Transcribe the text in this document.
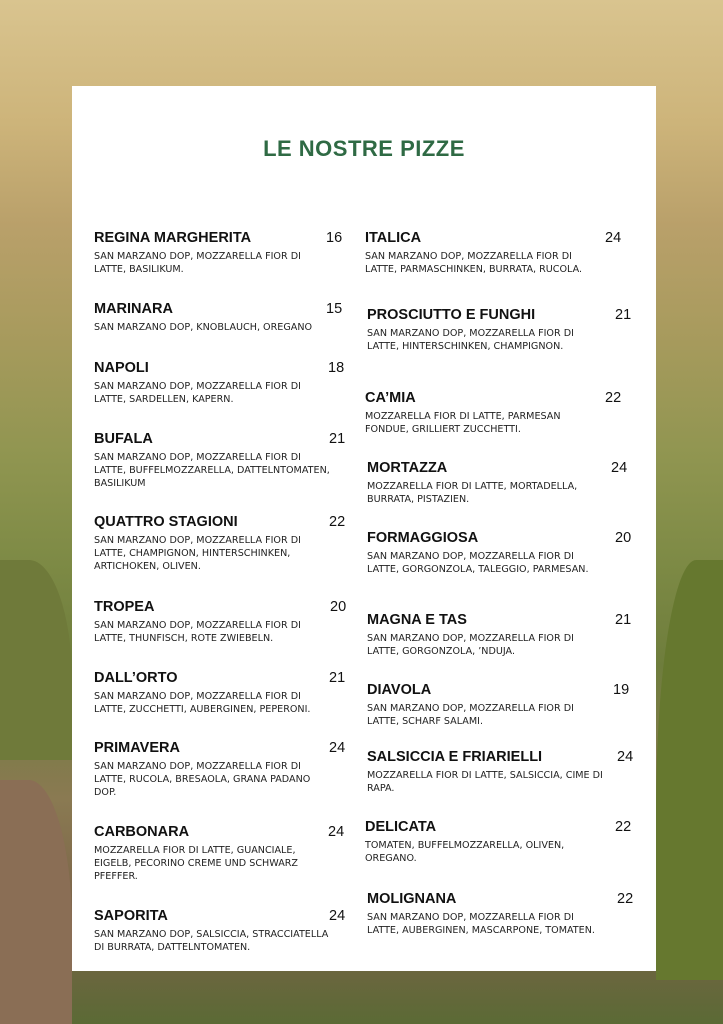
LE NOSTRE PIZZE
REGINA MARGHERITA	16
SAN MARZANO DOP, MOZZARELLA FIOR DI LATTE, BASILIKUM.
MARINARA	15
SAN MARZANO DOP, KNOBLAUCH, OREGANO
NAPOLI	18
SAN MARZANO DOP, MOZZARELLA FIOR DI LATTE, SARDELLEN, KAPERN.
BUFALA	21
SAN MARZANO DOP, MOZZARELLA FIOR DI LATTE, BUFFELMOZZARELLA, DATTELNTOMATEN, BASILIKUM
QUATTRO STAGIONI	22
SAN MARZANO DOP, MOZZARELLA FIOR DI LATTE, CHAMPIGNON, HINTERSCHINKEN, ARTICHOKEN, OLIVEN.
TROPEA	20
SAN MARZANO DOP, MOZZARELLA FIOR DI LATTE, THUNFISCH, ROTE ZWIEBELN.
DALL’ORTO	21
SAN MARZANO DOP, MOZZARELLA FIOR DI LATTE, ZUCCHETTI, AUBERGINEN, PEPERONI.
PRIMAVERA	24
SAN MARZANO DOP, MOZZARELLA FIOR DI LATTE, RUCOLA, BRESAOLA, GRANA PADANO DOP.
CARBONARA	24
MOZZARELLA FIOR DI LATTE, GUANCIALE, EIGELB, PECORINO CREME UND SCHWARZ PFEFFER.
SAPORITA	24
SAN MARZANO DOP, SALSICCIA, STRACCIATELLA DI BURRATA, DATTELNTOMATEN.
ITALICA	24
SAN MARZANO DOP, MOZZARELLA FIOR DI LATTE, PARMASCHINKEN, BURRATA, RUCOLA.
PROSCIUTTO E FUNGHI	21
SAN MARZANO DOP, MOZZARELLA FIOR DI LATTE, HINTERSCHINKEN, CHAMPIGNON.
CA’MIA	22
MOZZARELLA FIOR DI LATTE, PARMESAN FONDUE, GRILLIERT ZUCCHETTI.
MORTAZZA	24
MOZZARELLA FIOR DI LATTE, MORTADELLA, BURRATA, PISTAZIEN.
FORMAGGIOSA	20
SAN MARZANO DOP, MOZZARELLA FIOR DI LATTE, GORGONZOLA, TALEGGIO, PARMESAN.
MAGNA E TAS	21
SAN MARZANO DOP, MOZZARELLA FIOR DI LATTE, GORGONZOLA, ’NDUJA.
DIAVOLA	19
SAN MARZANO DOP, MOZZARELLA FIOR DI LATTE, SCHARF SALAMI.
SALSICCIA E FRIARIELLI	24
MOZZARELLA FIOR DI LATTE, SALSICCIA, CIME DI RAPA.
DELICATA	22
TOMATEN, BUFFELMOZZARELLA, OLIVEN, OREGANO.
MOLIGNANA	22
SAN MARZANO DOP, MOZZARELLA FIOR DI LATTE, AUBERGINEN, MASCARPONE, TOMATEN.
